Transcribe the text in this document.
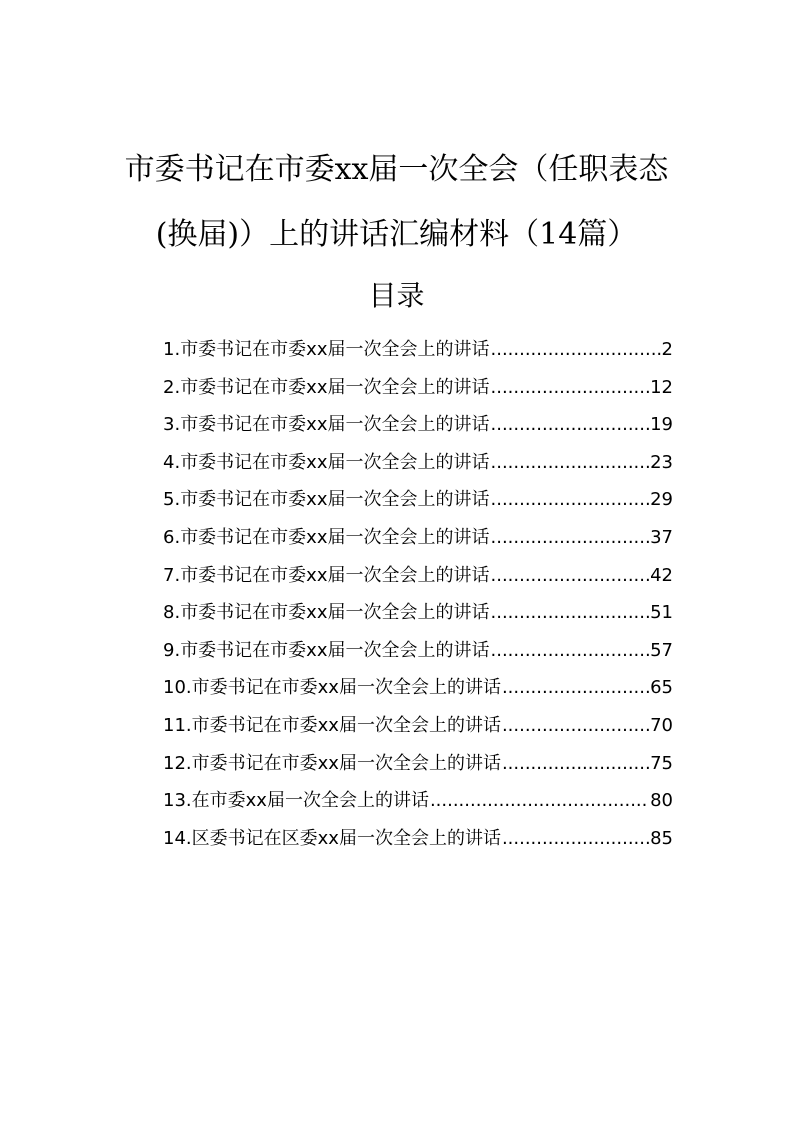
市委书记在市委xx届一次全会（任职表态
(换届)）上的讲话汇编材料（14篇）
目录
1. 市委书记在市委xx届一次全会上的讲话 .....	2
2. 市委书记在市委xx届一次全会上的讲话 .....	12
3. 市委书记在市委xx届一次全会上的讲话 .....	19
4. 市委书记在市委xx届一次全会上的讲话 .....	23
5. 市委书记在市委xx届一次全会上的讲话 .....	29
6. 市委书记在市委xx届一次全会上的讲话 .....	37
7. 市委书记在市委xx届一次全会上的讲话 .....	42
8. 市委书记在市委xx届一次全会上的讲话 .....	51
9. 市委书记在市委xx届一次全会上的讲话 .....	57
10. 市委书记在市委xx届一次全会上的讲话 .....	65
11. 市委书记在市委xx届一次全会上的讲话 .....	70
12. 市委书记在市委xx届一次全会上的讲话 .....	75
13. 在市委xx届一次全会上的讲话 .....	80
14. 区委书记在区委xx届一次全会上的讲话 .....	85
